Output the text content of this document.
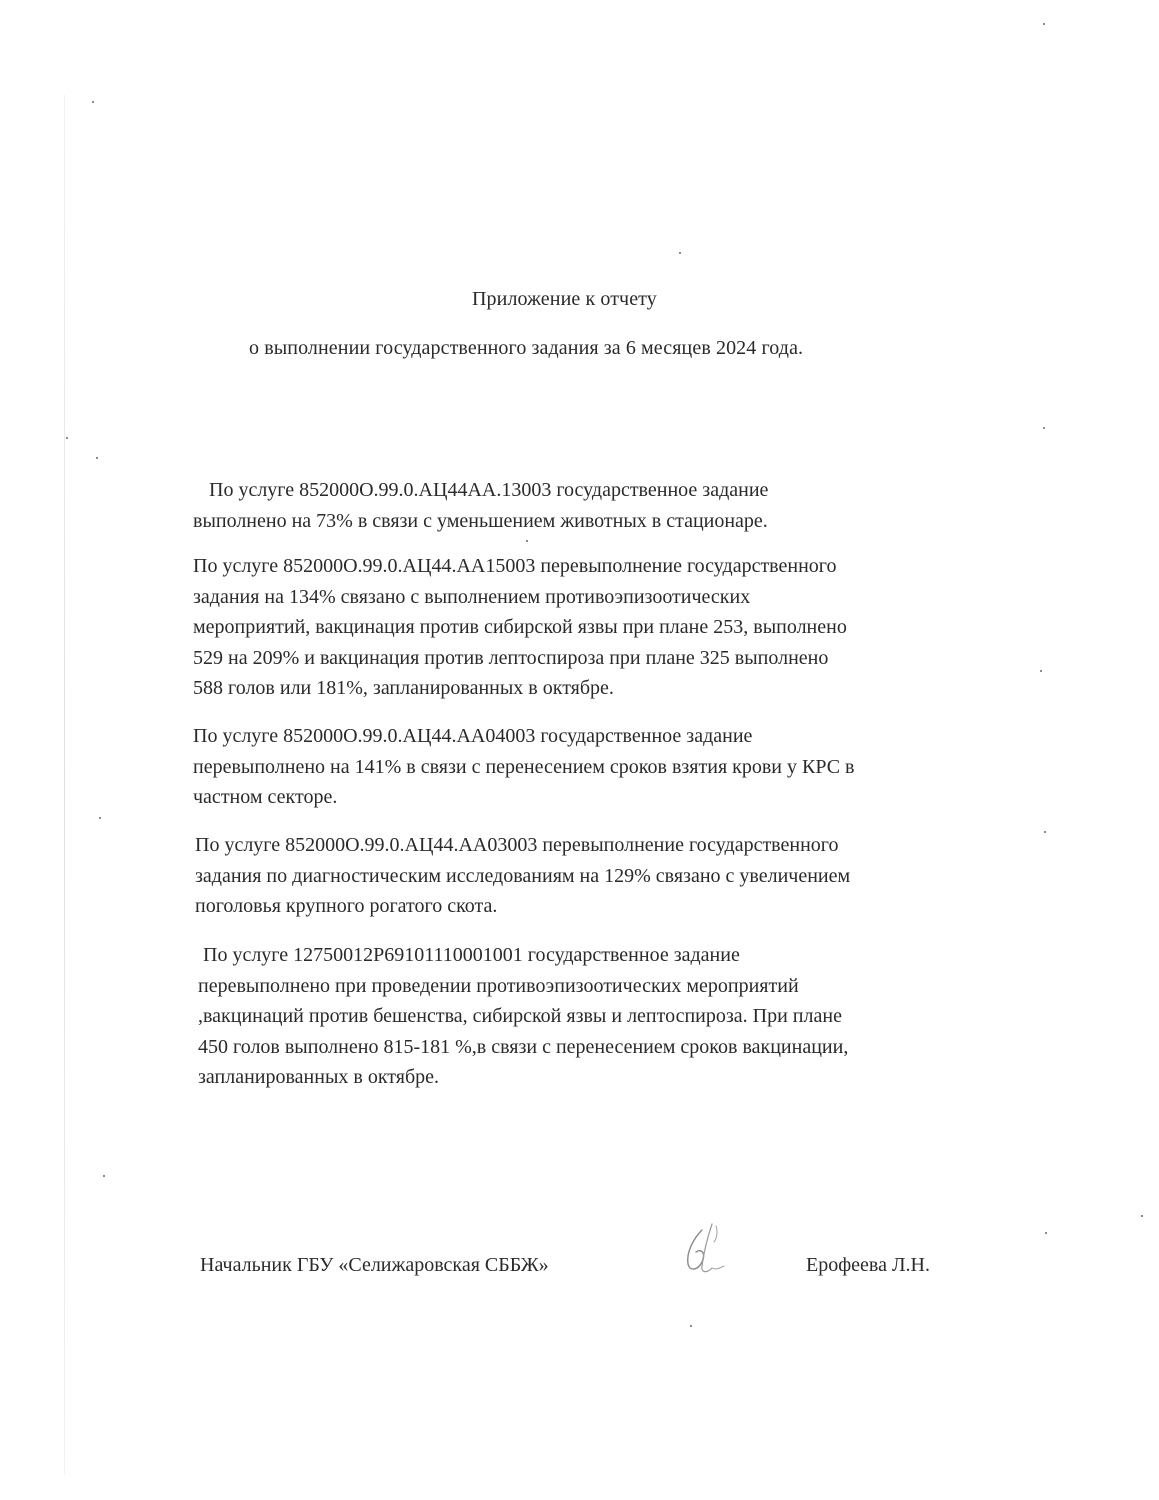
Приложение к отчету
о выполнении государственного задания за 6 месяцев 2024 года.
По услуге 852000О.99.0.АЦ44АА.13003 государственное задание
выполнено на 73% в связи с уменьшением животных в стационаре.
По услуге 852000О.99.0.АЦ44.АА15003 перевыполнение государственного
задания на 134% связано с выполнением противоэпизоотических
мероприятий, вакцинация против сибирской язвы при плане 253, выполнено
529 на 209% и вакцинация против лептоспироза при плане 325 выполнено
588 голов или 181%, запланированных в октябре.
По услуге 852000О.99.0.АЦ44.АА04003 государственное задание
перевыполнено на 141% в связи с перенесением сроков взятия крови у КРС в
частном секторе.
По услуге 852000О.99.0.АЦ44.АА03003 перевыполнение государственного
задания по диагностическим исследованиям на 129% связано с увеличением
поголовья крупного рогатого скота.
По услуге 12750012Р69101110001001 государственное задание
перевыполнено при проведении противоэпизоотических мероприятий
,вакцинаций против бешенства, сибирской язвы и лептоспироза. При плане
450 голов выполнено 815-181 %,в связи с перенесением сроков вакцинации,
запланированных в октябре.
Начальник ГБУ «Селижаровская СББЖ»	Ерофеева Л.Н.
